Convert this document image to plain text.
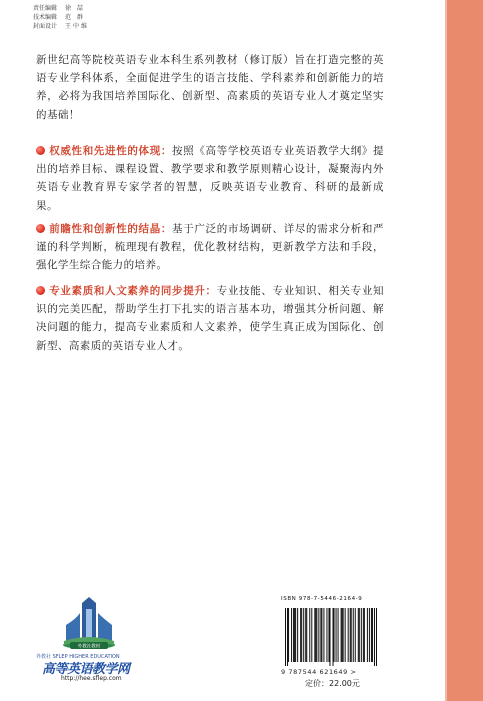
责任编辑	徐 喆
技术编辑	范 群
封面设计	王中维
新世纪高等院校英语专业本科生系列教材（修订版）旨在打造完整的英语专业学科体系，全面促进学生的语言技能、学科素养和创新能力的培养，必将为我国培养国际化、创新型、高素质的英语专业人才奠定坚实的基础！
权威性和先进性的体现：按照《高等学校英语专业英语教学大纲》提出的培养目标、课程设置、教学要求和教学原则精心设计，凝聚海内外英语专业教育界专家学者的智慧，反映英语专业教育、科研的最新成果。
前瞻性和创新性的结晶：基于广泛的市场调研、详尽的需求分析和严谨的科学判断，梳理现有教程，优化教材结构，更新教学方法和手段，强化学生综合能力的培养。
专业素质和人文素养的同步提升：专业技能、专业知识、相关专业知识的完美匹配，帮助学生打下扎实的语言基本功，增强其分析问题、解决问题的能力，提高专业素质和人文素养，使学生真正成为国际化、创新型、高素质的英语专业人才。
外教社教材
外教社 SFLEP HIGHER EDUCATION
高等英语教学网
http://hee.sflep.com
ISBN 978-7-5446-2164-9
9 787544 621649 >
定价：22.00元
